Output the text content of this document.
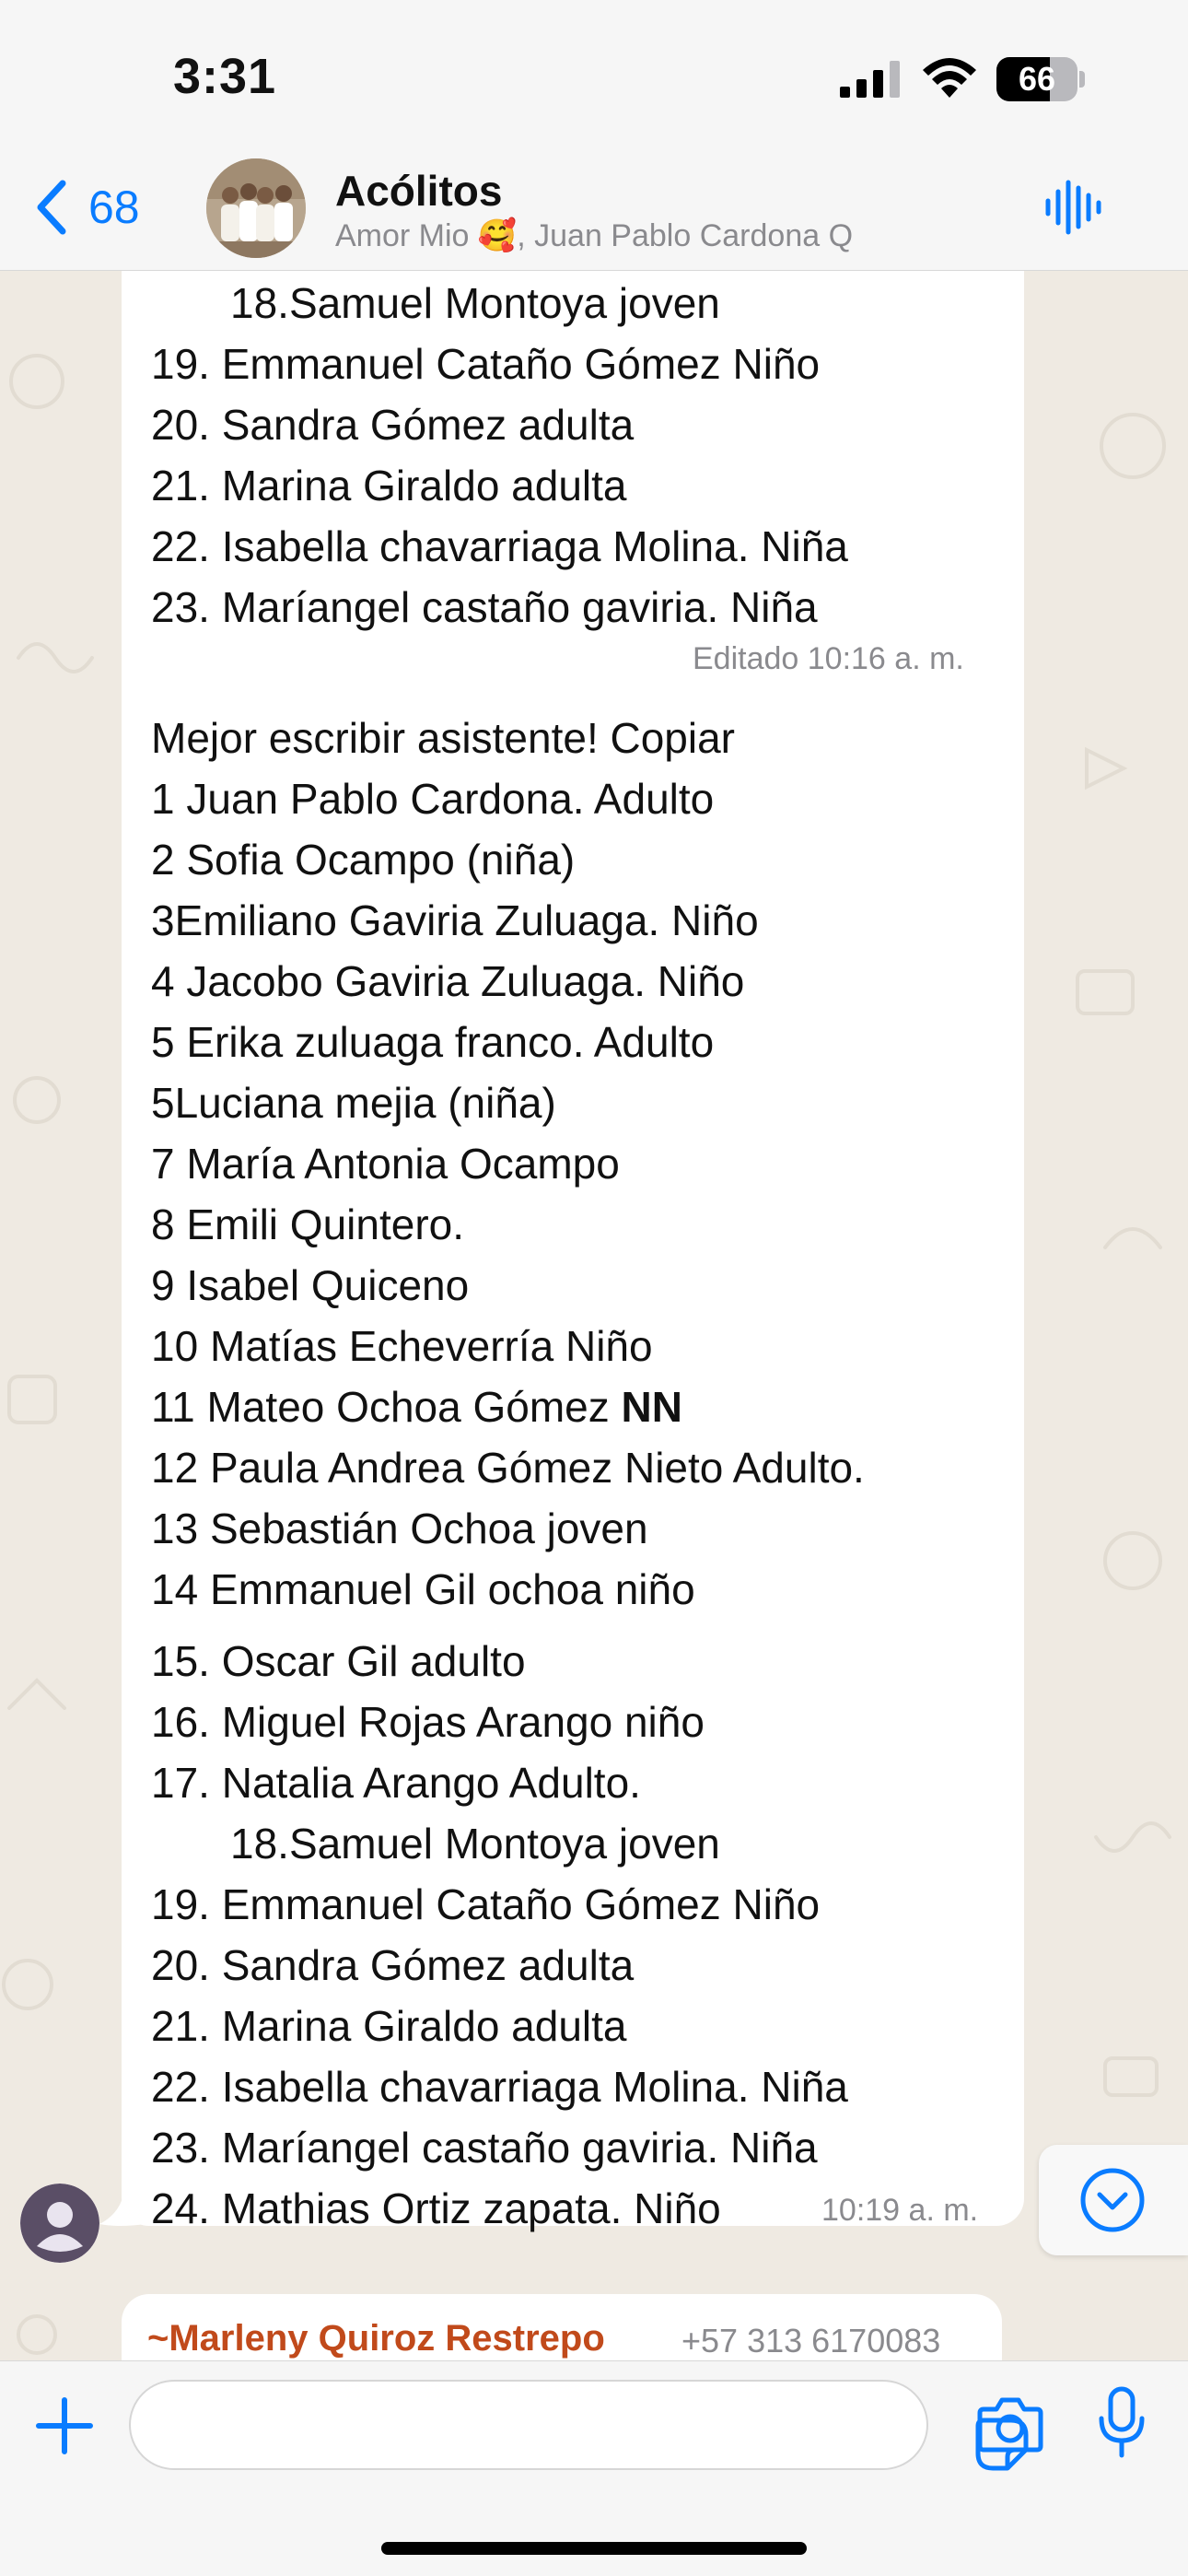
3:31	66
68	Acólitos
Amor Mio 🥰, Juan Pablo Cardona Q
18.Samuel Montoya joven
19. Emmanuel Cataño Gómez Niño
20. Sandra Gómez adulta
21. Marina Giraldo adulta
22. Isabella chavarriaga Molina. Niña
23. Maríangel castaño gaviria. Niña
Editado 10:16 a. m.
Mejor escribir asistente! Copiar
1 Juan Pablo Cardona. Adulto
2 Sofia Ocampo (niña)
3Emiliano Gaviria Zuluaga. Niño
4 Jacobo Gaviria Zuluaga. Niño
5 Erika zuluaga franco. Adulto
5Luciana mejia (niña)
7 María Antonia Ocampo
8 Emili Quintero.
9 Isabel Quiceno
10 Matías Echeverría Niño
11 Mateo Ochoa Gómez NN
12 Paula Andrea Gómez Nieto Adulto.
13 Sebastián Ochoa joven
14 Emmanuel Gil ochoa niño
15. Oscar Gil adulto
16. Miguel Rojas Arango niño
17. Natalia Arango Adulto.
18.Samuel Montoya joven
19. Emmanuel Cataño Gómez Niño
20. Sandra Gómez adulta
21. Marina Giraldo adulta
22. Isabella chavarriaga Molina. Niña
23. Maríangel castaño gaviria. Niña
24. Mathias Ortiz zapata. Niño	10:19 a. m.
~Marleny Quiroz Restrepo +57 313 6170083
